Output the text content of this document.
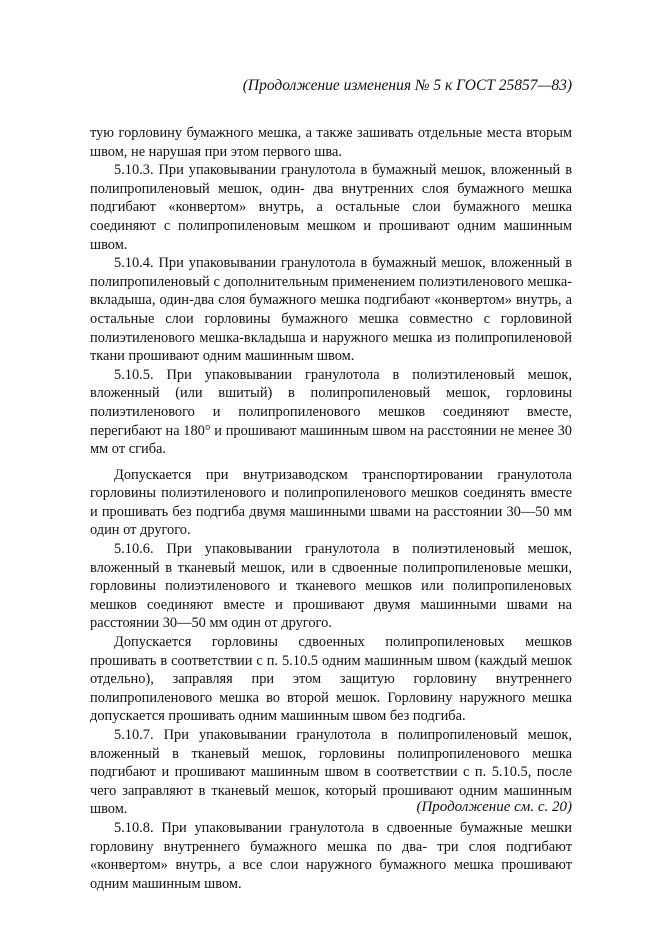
(Продолжение изменения № 5 к ГОСТ 25857—83)

тую горловину бумажного мешка, а также зашивать отдельные места вторым швом, не нарушая при этом первого шва.

5.10.3. При упаковывании гранулотола в бумажный мешок, вложенный в полипропиленовый мешок, один- два внутренних слоя бумажного мешка подгибают «конвертом» внутрь, а остальные слои бумажного мешка соединяют с полипропиленовым мешком и прошивают одним машинным швом.

5.10.4. При упаковывании гранулотола в бумажный мешок, вложенный в полипропиленовый с дополнительным применением полиэтиленового мешка-вкладыша, один-два слоя бумажного мешка подгибают «конвертом» внутрь, а остальные слои горловины бумажного мешка совместно с горловиной полиэтиленового мешка-вкладыша и наружного мешка из полипропиленовой ткани прошивают одним машинным швом.

5.10.5. При упаковывании гранулотола в полиэтиленовый мешок, вложенный (или вшитый) в полипропиленовый мешок, горловины полиэтиленового и полипропиленового мешков соединяют вместе, перегибают на 180° и прошивают машинным швом на расстоянии не менее 30 мм от сгиба.

Допускается при внутризаводском транспортировании гранулотола горловины полиэтиленового и полипропиленового мешков соединять вместе и прошивать без подгиба двумя машинными швами на расстоянии 30—50 мм один от другого.

5.10.6. При упаковывании гранулотола в полиэтиленовый мешок, вложенный в тканевый мешок, или в сдвоенные полипропиленовые мешки, горловины полиэтиленового и тканевого мешков или полипропиленовых мешков соединяют вместе и прошивают двумя машинными швами на расстоянии 30—50 мм один от другого.

Допускается горловины сдвоенных полипропиленовых мешков прошивать в соответствии с п. 5.10.5 одним машинным швом (каждый мешок отдельно), заправляя при этом защитую горловину внутреннего полипропиленового мешка во второй мешок. Горловину наружного мешка допускается прошивать одним машинным швом без подгиба.

5.10.7. При упаковывании гранулотола в полипропиленовый мешок, вложенный в тканевый мешок, горловины полипропиленового мешка подгибают и прошивают машинным швом в соответствии с п. 5.10.5, после чего заправляют в тканевый мешок, который прошивают одним машинным швом.

5.10.8. При упаковывании гранулотола в сдвоенные бумажные мешки горловину внутреннего бумажного мешка по два- три слоя подгибают «конвертом» внутрь, а все слои наружного бумажного мешка прошивают одним машинным швом.

(Продолжение см. с. 20)
